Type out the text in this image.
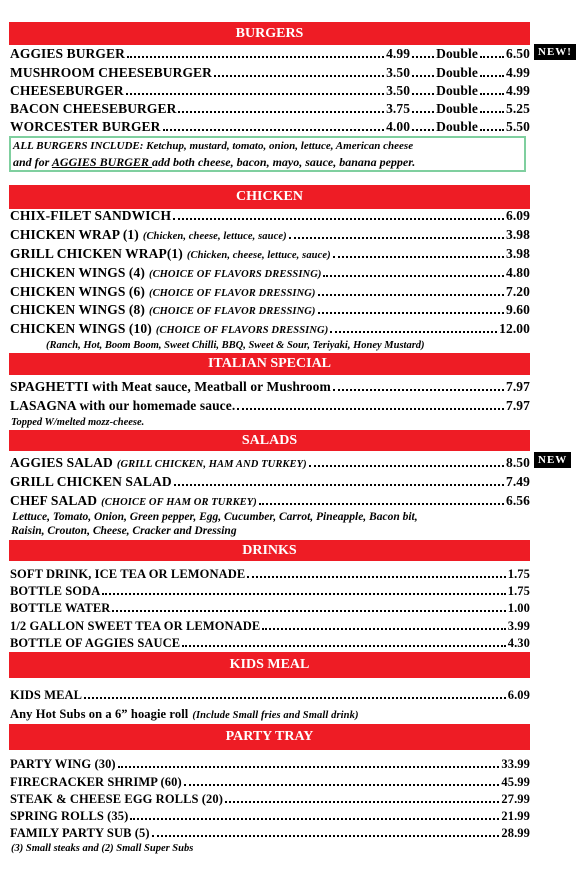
BURGERS
AGGIES BURGER	4.99 Double 6.50 NEW!
MUSHROOM CHEESEBURGER	3.50 Double 4.99
CHEESEBURGER	3.50 Double 4.99
BACON CHEESEBURGER	3.75 Double 5.25
WORCESTER BURGER	4.00 Double 5.50

ALL BURGERS INCLUDE: Ketchup, mustard, tomato, onion, lettuce, American cheese

and for AGGIES BURGER add both cheese, bacon, mayo, sauce, banana pepper.

CHICKEN
CHIX-FILET SANDWICH	6.09
CHICKEN WRAP (1) (Chicken, cheese, lettuce, sauce)	3.98
GRILL CHICKEN WRAP(1) (Chicken, cheese, lettuce, sauce)	3.98
CHICKEN WINGS (4) (CHOICE OF FLAVORS DRESSING)	4.80
CHICKEN WINGS (6) (CHOICE OF FLAVOR DRESSING)	7.20
CHICKEN WINGS (8) (CHOICE OF FLAVOR DRESSING)	9.60
CHICKEN WINGS (10) (CHOICE OF FLAVORS DRESSING)	12.00
(Ranch, Hot, Boom Boom, Sweet Chilli, BBQ, Sweet & Sour, Teriyaki, Honey Mustard)
ITALIAN SPECIAL
SPAGHETTI with Meat sauce, Meatball or Mushroom	7.97
LASAGNA with our homemade sauce.	7.97
Topped W/melted mozz-cheese.
SALADS
AGGIES SALAD (GRILL CHICKEN, HAM AND TURKEY)	8.50 NEW
GRILL CHICKEN SALAD	7.49
CHEF SALAD (CHOICE OF HAM OR TURKEY)	6.56
Lettuce, Tomato, Onion, Green pepper, Egg, Cucumber, Carrot, Pineapple, Bacon bit,
Raisin, Crouton, Cheese, Cracker and Dressing
DRINKS
SOFT DRINK, ICE TEA OR LEMONADE	1.75
BOTTLE SODA	1.75
BOTTLE WATER	1.00
1/2 GALLON SWEET TEA OR LEMONADE	3.99
BOTTLE OF AGGIES SAUCE	4.30
KIDS MEAL
KIDS MEAL	6.09
Any Hot Subs on a 6” hoagie roll (Include Small fries and Small drink)
PARTY TRAY
PARTY WING (30)	33.99
FIRECRACKER SHRIMP (60)	45.99
STEAK & CHEESE EGG ROLLS (20)	27.99
SPRING ROLLS (35)	21.99
FAMILY PARTY SUB (5)	28.99
(3) Small steaks and (2) Small Super Subs
